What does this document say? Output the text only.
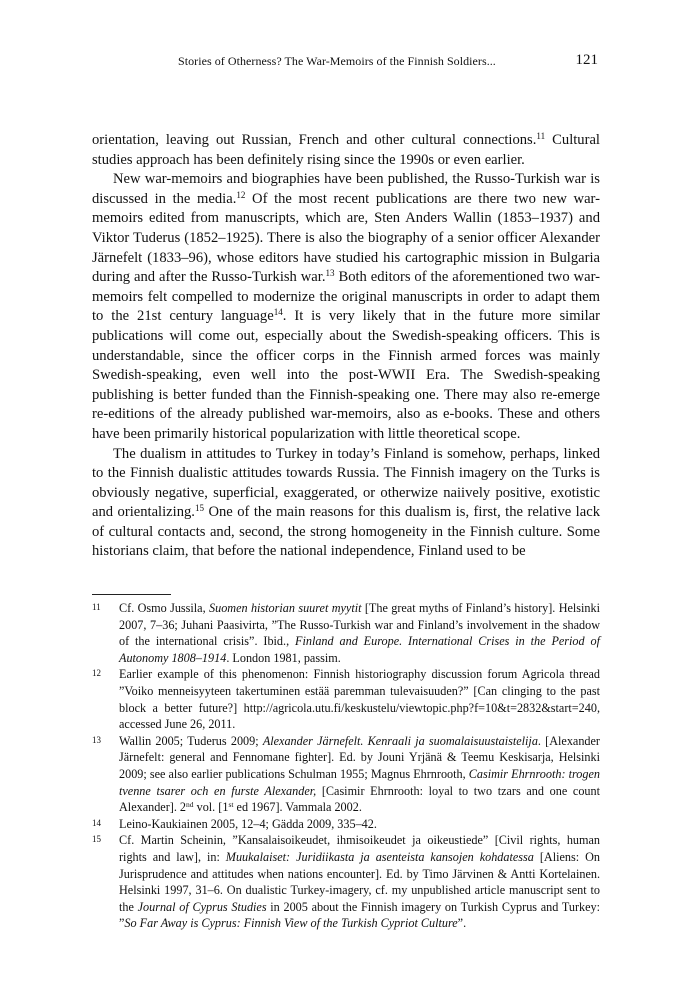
Stories of Otherness? The War-Memoirs of the Finnish Soldiers...	121

orientation, leaving out Russian, French and other cultural connections.$^{11}$ Cultural studies approach has been definitely rising since the 1990s or even earlier.

New war-memoirs and biographies have been published, the Russo-Turkish war is discussed in the media.$^{12}$ Of the most recent publications are there two new war-memoirs edited from manuscripts, which are, Sten Anders Wallin (1853–1937) and Viktor Tuderus (1852–1925). There is also the biography of a senior officer Alexander Järnefelt (1833–96), whose editors have studied his cartographic mission in Bulgaria during and after the Russo-Turkish war.$^{13}$ Both editors of the aforementioned two war-memoirs felt compelled to modernize the original manuscripts in order to adapt them to the 21st century language$^{14}$. It is very likely that in the future more similar publications will come out, especially about the Swedish-speaking officers. This is understandable, since the officer corps in the Finnish armed forces was mainly Swedish-speaking, even well into the post-WWII Era. The Swedish-speaking publishing is better funded than the Finnish-speaking one. There may also re-emerge re-editions of the already published war-memoirs, also as e-books. These and others have been primarily historical popularization with little theoretical scope.

The dualism in attitudes to Turkey in today’s Finland is somehow, perhaps, linked to the Finnish dualistic attitudes towards Russia. The Finnish imagery on the Turks is obviously negative, superficial, exaggerated, or otherwize naiively positive, exotistic and orientalizing.$^{15}$ One of the main reasons for this dualism is, first, the relative lack of cultural contacts and, second, the strong homogeneity in the Finnish culture. Some historians claim, that before the national independence, Finland used to be

11 Cf. Osmo Jussila, Suomen historian suuret myytit [The great myths of Finland’s history]. Helsinki 2007, 7–36; Juhani Paasivirta, ”The Russo-Turkish war and Finland’s involvement in the shadow of the international crisis”. Ibid., Finland and Europe. International Crises in the Period of Autonomy 1808–1914. London 1981, passim.

12 Earlier example of this phenomenon: Finnish historiography discussion forum Agricola thread ”Voiko menneisyyteen takertuminen estää paremman tulevaisuuden?” [Can clinging to the past block a better future?] http://agricola.utu.fi/keskustelu/viewtopic.php?f=10&t=2832&start=240, accessed June 26, 2011.

13 Wallin 2005; Tuderus 2009; Alexander Järnefelt. Kenraali ja suomalaisuustaistelija. [Alexander Järnefelt: general and Fennomane fighter]. Ed. by Jouni Yrjänä & Teemu Keskisarja, Helsinki 2009; see also earlier publications Schulman 1955; Magnus Ehrnrooth, Casimir Ehrnrooth: trogen tvenne tsarer och en furste Alexander, [Casimir Ehrnrooth: loyal to two tzars and one count Alexander]. 2nd vol. [1st ed 1967]. Vammala 2002.

14 Leino-Kaukiainen 2005, 12–4; Gädda 2009, 335–42.

15 Cf. Martin Scheinin, ”Kansalaisoikeudet, ihmisoikeudet ja oikeustiede” [Civil rights, human rights and law], in: Muukalaiset: Juridiikasta ja asenteista kansojen kohdatessa [Aliens: On Jurisprudence and attitudes when nations encounter]. Ed. by Timo Järvinen & Antti Kortelainen. Helsinki 1997, 31–6. On dualistic Turkey-imagery, cf. my unpublished article manuscript sent to the Journal of Cyprus Studies in 2005 about the Finnish imagery on Turkish Cyprus and Turkey: ”So Far Away is Cyprus: Finnish View of the Turkish Cypriot Culture”.
